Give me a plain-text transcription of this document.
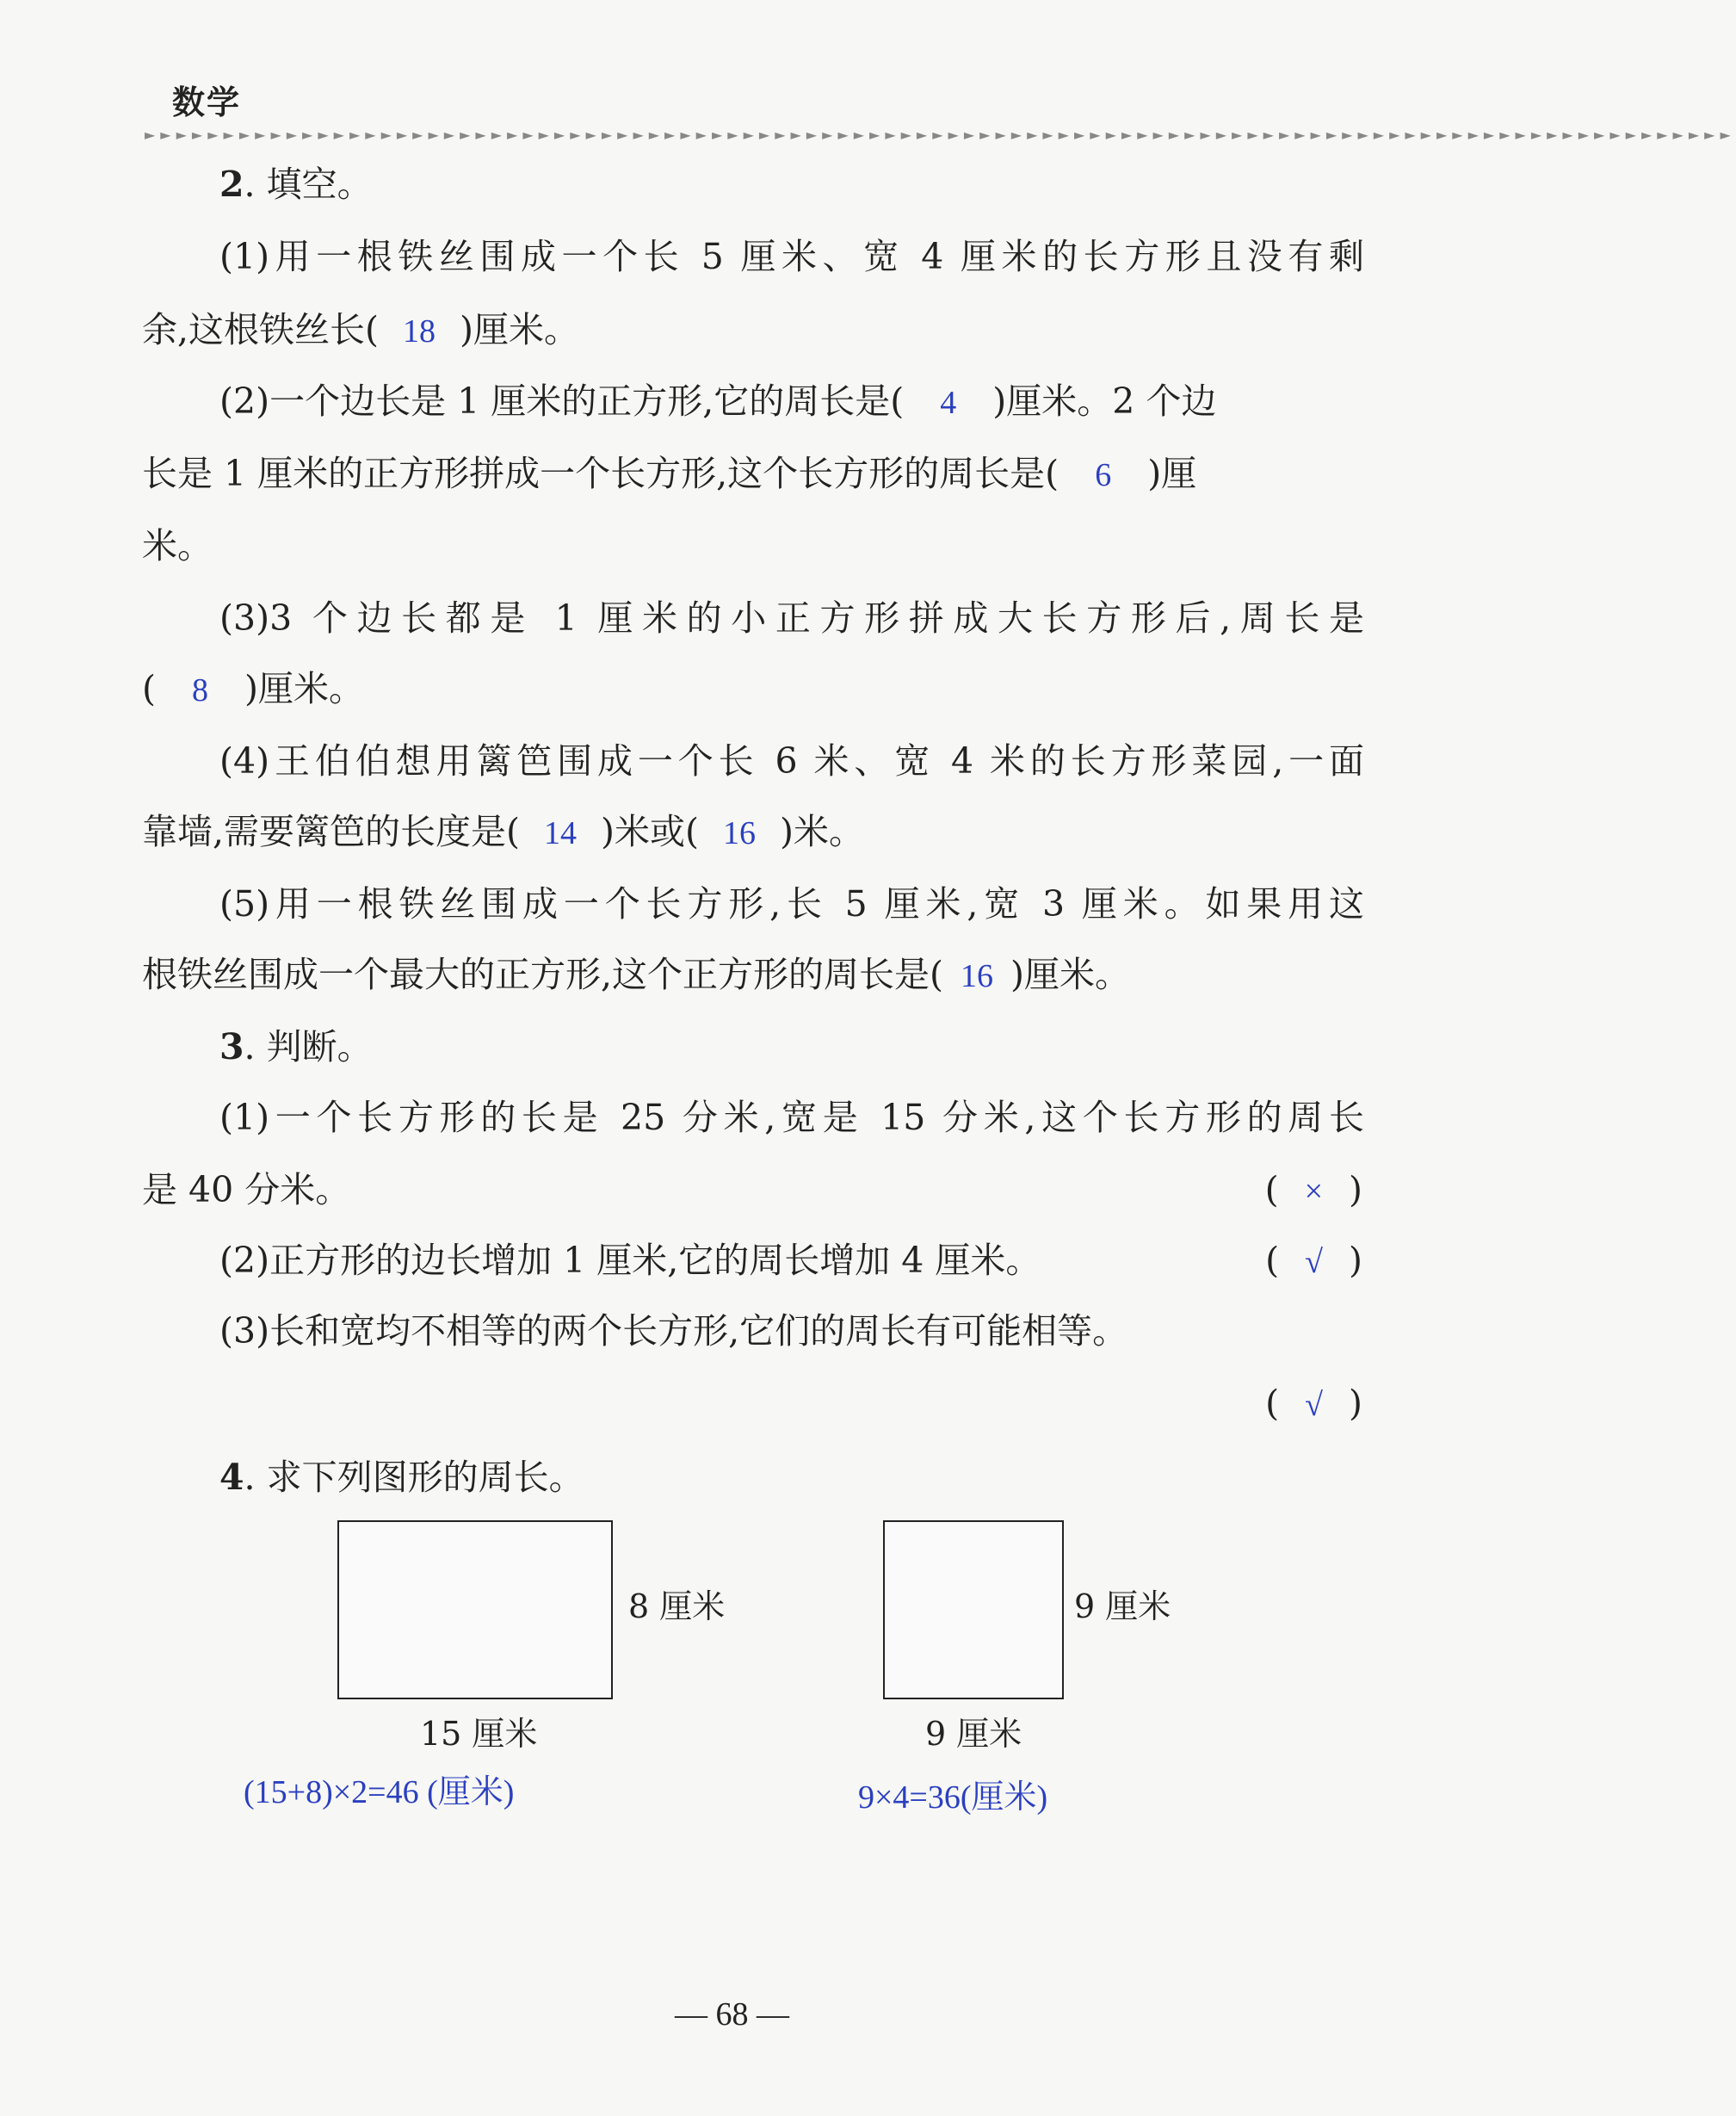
数学
►►►►►►►►►►►►►►►►►►►►►►►►►►►►►►►►►►►►►►►►►►►►►►►►►►►►►►►►►►►►►►►►►►►►►►►►►►►►►►►►►►►►►►►►►►►►►►►►►►►►►
2. 填空。
(1)用一根铁丝围成一个长 5 厘米、宽 4 厘米的长方形且没有剩
余,这根铁丝长( 18 )厘米。
(2)一个边长是 1 厘米的正方形,它的周长是( 4 )厘米。2 个边
长是 1 厘米的正方形拼成一个长方形,这个长方形的周长是( 6 )厘
米。
(3)3 个边长都是 1 厘米的小正方形拼成大长方形后,周长是
( 8 )厘米。
(4)王伯伯想用篱笆围成一个长 6 米、宽 4 米的长方形菜园,一面
靠墙,需要篱笆的长度是( 14 )米或( 16 )米。
(5)用一根铁丝围成一个长方形,长 5 厘米,宽 3 厘米。如果用这
根铁丝围成一个最大的正方形,这个正方形的周长是( 16 )厘米。
3. 判断。
(1)一个长方形的长是 25 分米,宽是 15 分米,这个长方形的周长
是 40 分米。	( × )
(2)正方形的边长增加 1 厘米,它的周长增加 4 厘米。	( √ )
(3)长和宽均不相等的两个长方形,它们的周长有可能相等。
( √ )
4. 求下列图形的周长。
8 厘米
15 厘米
(15+8)×2=46 (厘米)
9 厘米
9 厘米
9×4=36(厘米)
— 68 —
